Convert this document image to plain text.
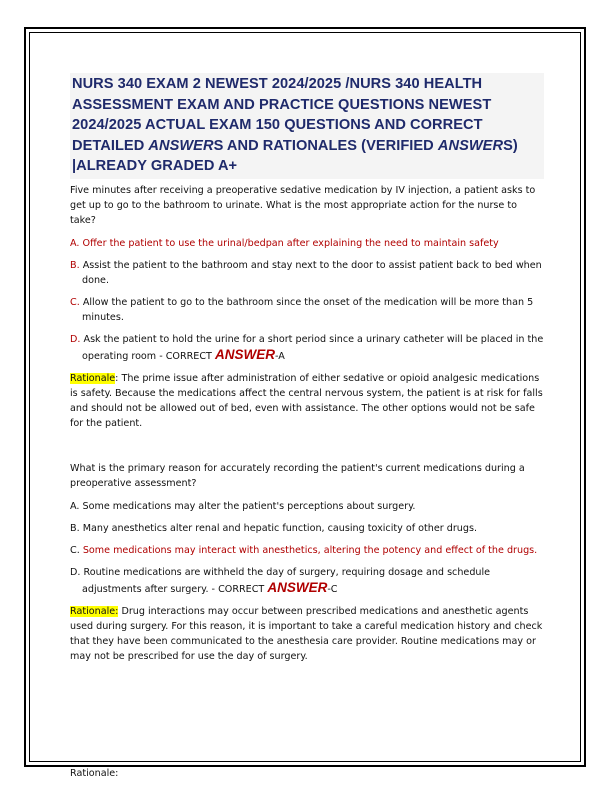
NURS 340 EXAM 2 NEWEST 2024/2025 /NURS 340 HEALTH ASSESSMENT EXAM AND PRACTICE QUESTIONS NEWEST 2024/2025 ACTUAL EXAM 150 QUESTIONS AND CORRECT DETAILED ANSWERS AND RATIONALES (VERIFIED ANSWERS) |ALREADY GRADED A+

Five minutes after receiving a preoperative sedative medication by IV injection, a patient asks to get up to go to the bathroom to urinate. What is the most appropriate action for the nurse to take?

A. Offer the patient to use the urinal/bedpan after explaining the need to maintain safety

B. Assist the patient to the bathroom and stay next to the door to assist patient back to bed when done.

C. Allow the patient to go to the bathroom since the onset of the medication will be more than 5 minutes.

D. Ask the patient to hold the urine for a short period since a urinary catheter will be placed in the operating room - CORRECT ANSWER-A

Rationale: The prime issue after administration of either sedative or opioid analgesic medications is safety. Because the medications affect the central nervous system, the patient is at risk for falls and should not be allowed out of bed, even with assistance. The other options would not be safe for the patient.

What is the primary reason for accurately recording the patient's current medications during a preoperative assessment?

A. Some medications may alter the patient's perceptions about surgery.

B. Many anesthetics alter renal and hepatic function, causing toxicity of other drugs.

C. Some medications may interact with anesthetics, altering the potency and effect of the drugs.

D. Routine medications are withheld the day of surgery, requiring dosage and schedule adjustments after surgery. - CORRECT ANSWER-C

Rationale: Drug interactions may occur between prescribed medications and anesthetic agents used during surgery. For this reason, it is important to take a careful medication history and check that they have been communicated to the anesthesia care provider. Routine medications may or may not be prescribed for use the day of surgery.

Rationale:
